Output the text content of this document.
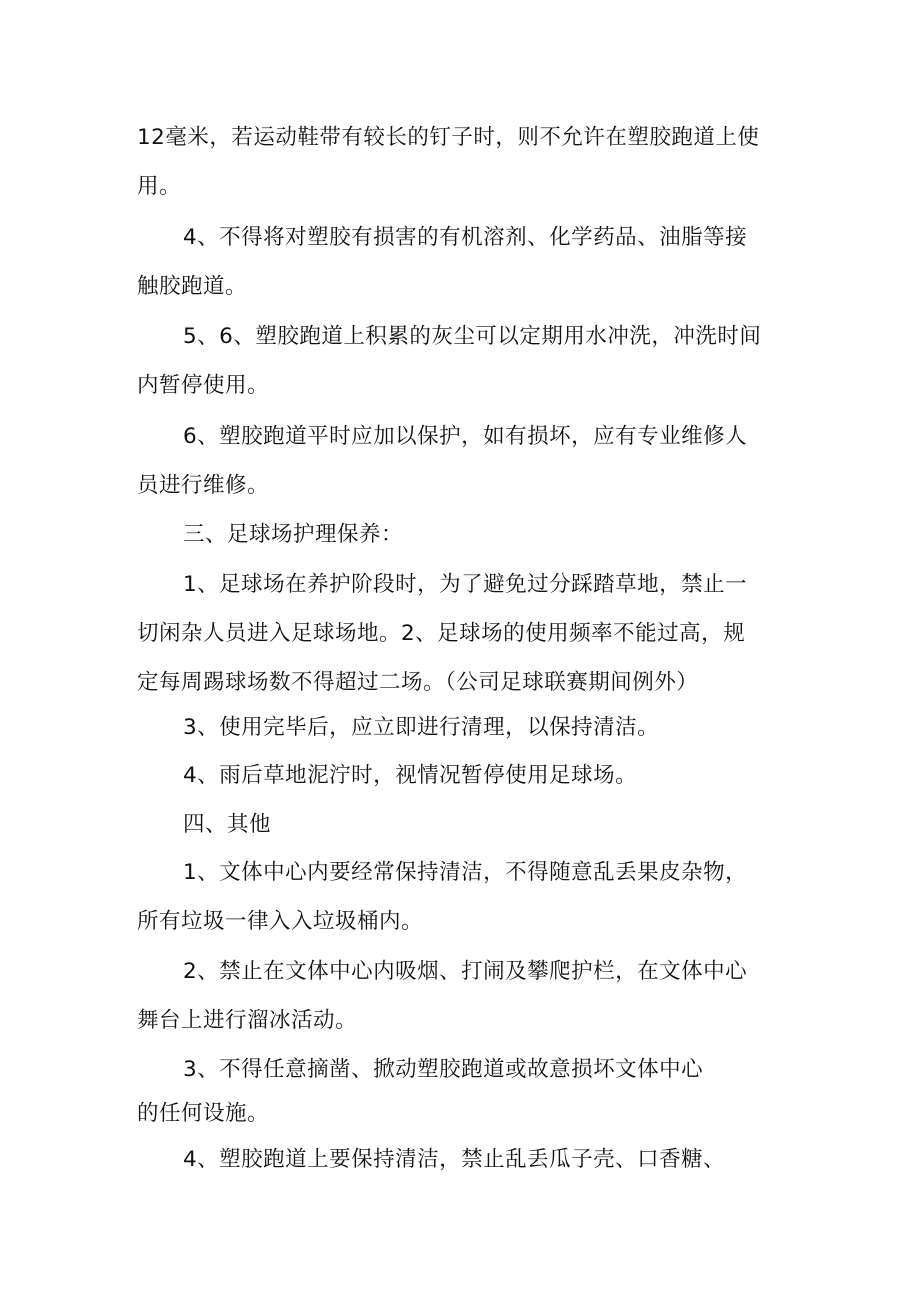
12毫米，若运动鞋带有较长的钉子时，则不允许在塑胶跑道上使
用。

4、不得将对塑胶有损害的有机溶剂、化学药品、油脂等接
触胶跑道。

5、6、塑胶跑道上积累的灰尘可以定期用水冲洗，冲洗时间
内暂停使用。

6、塑胶跑道平时应加以保护，如有损坏，应有专业维修人
员进行维修。

三、足球场护理保养：

1、足球场在养护阶段时，为了避免过分踩踏草地，禁止一
切闲杂人员进入足球场地。2、足球场的使用频率不能过高，规
定每周踢球场数不得超过二场。（公司足球联赛期间例外）

3、使用完毕后，应立即进行清理，以保持清洁。

4、雨后草地泥泞时，视情况暂停使用足球场。

四、其他

1、文体中心内要经常保持清洁，不得随意乱丢果皮杂物，
所有垃圾一律入入垃圾桶内。

2、禁止在文体中心内吸烟、打闹及攀爬护栏，在文体中心
舞台上进行溜冰活动。

3、不得任意摘凿、掀动塑胶跑道或故意损坏文体中心
的任何设施。

4、塑胶跑道上要保持清洁，禁止乱丢瓜子壳、口香糖、
